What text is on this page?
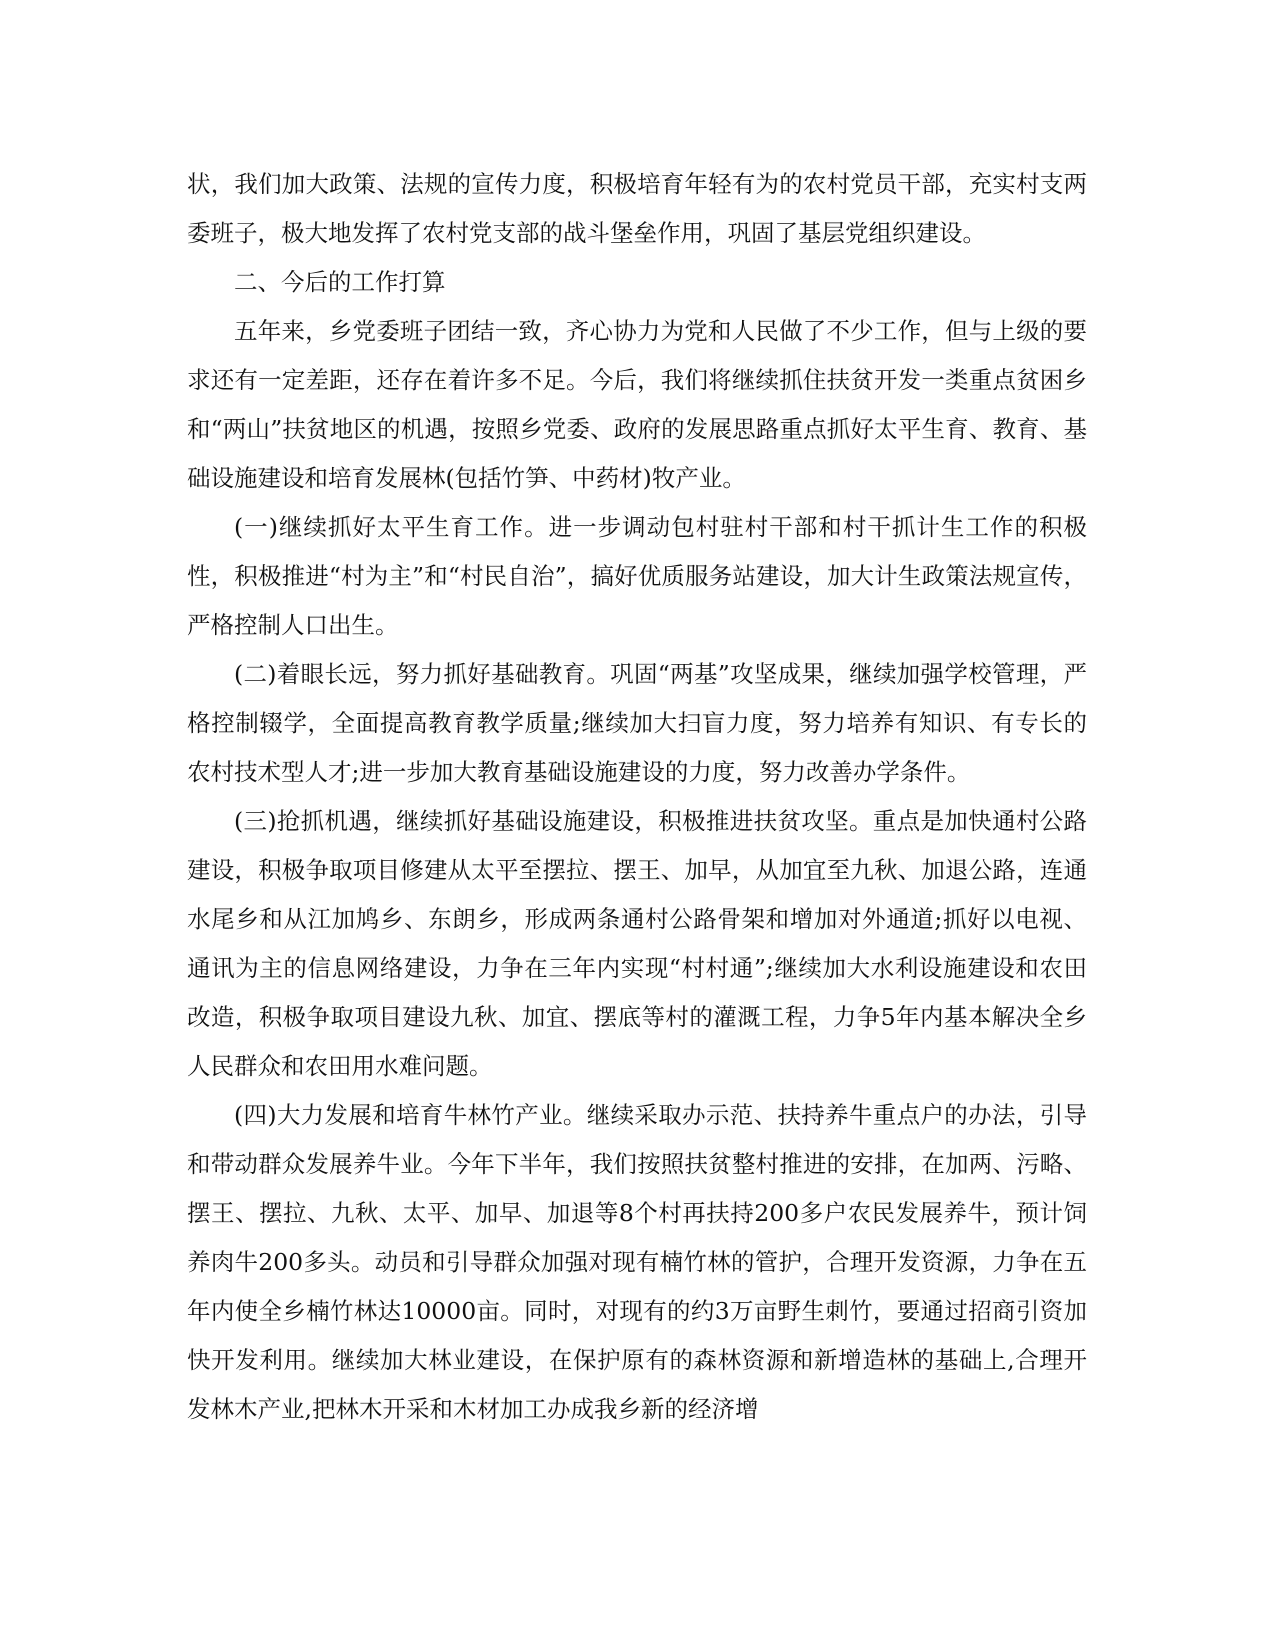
状，我们加大政策、法规的宣传力度，积极培育年轻有为的农村党员干部，充实村支两委班子，极大地发挥了农村党支部的战斗堡垒作用，巩固了基层党组织建设。

二、今后的工作打算

五年来，乡党委班子团结一致，齐心协力为党和人民做了不少工作，但与上级的要求还有一定差距，还存在着许多不足。今后，我们将继续抓住扶贫开发一类重点贫困乡和“两山”扶贫地区的机遇，按照乡党委、政府的发展思路重点抓好太平生育、教育、基础设施建设和培育发展林(包括竹笋、中药材)牧产业。

(一)继续抓好太平生育工作。进一步调动包村驻村干部和村干抓计生工作的积极性，积极推进“村为主”和“村民自治”，搞好优质服务站建设，加大计生政策法规宣传，严格控制人口出生。

(二)着眼长远，努力抓好基础教育。巩固“两基”攻坚成果，继续加强学校管理，严格控制辍学，全面提高教育教学质量;继续加大扫盲力度，努力培养有知识、有专长的农村技术型人才;进一步加大教育基础设施建设的力度，努力改善办学条件。

(三)抢抓机遇，继续抓好基础设施建设，积极推进扶贫攻坚。重点是加快通村公路建设，积极争取项目修建从太平至摆拉、摆王、加早，从加宜至九秋、加退公路，连通水尾乡和从江加鸠乡、东朗乡，形成两条通村公路骨架和增加对外通道;抓好以电视、通讯为主的信息网络建设，力争在三年内实现“村村通”;继续加大水利设施建设和农田改造，积极争取项目建设九秋、加宜、摆底等村的灌溉工程，力争5年内基本解决全乡人民群众和农田用水难问题。

(四)大力发展和培育牛林竹产业。继续采取办示范、扶持养牛重点户的办法，引导和带动群众发展养牛业。今年下半年，我们按照扶贫整村推进的安排，在加两、污略、摆王、摆拉、九秋、太平、加早、加退等8个村再扶持200多户农民发展养牛，预计饲养肉牛200多头。动员和引导群众加强对现有楠竹林的管护，合理开发资源，力争在五年内使全乡楠竹林达10000亩。同时，对现有的约3万亩野生刺竹，要通过招商引资加快开发利用。继续加大林业建设，在保护原有的森林资源和新增造林的基础上,合理开发林木产业,把林木开采和木材加工办成我乡新的经济增
